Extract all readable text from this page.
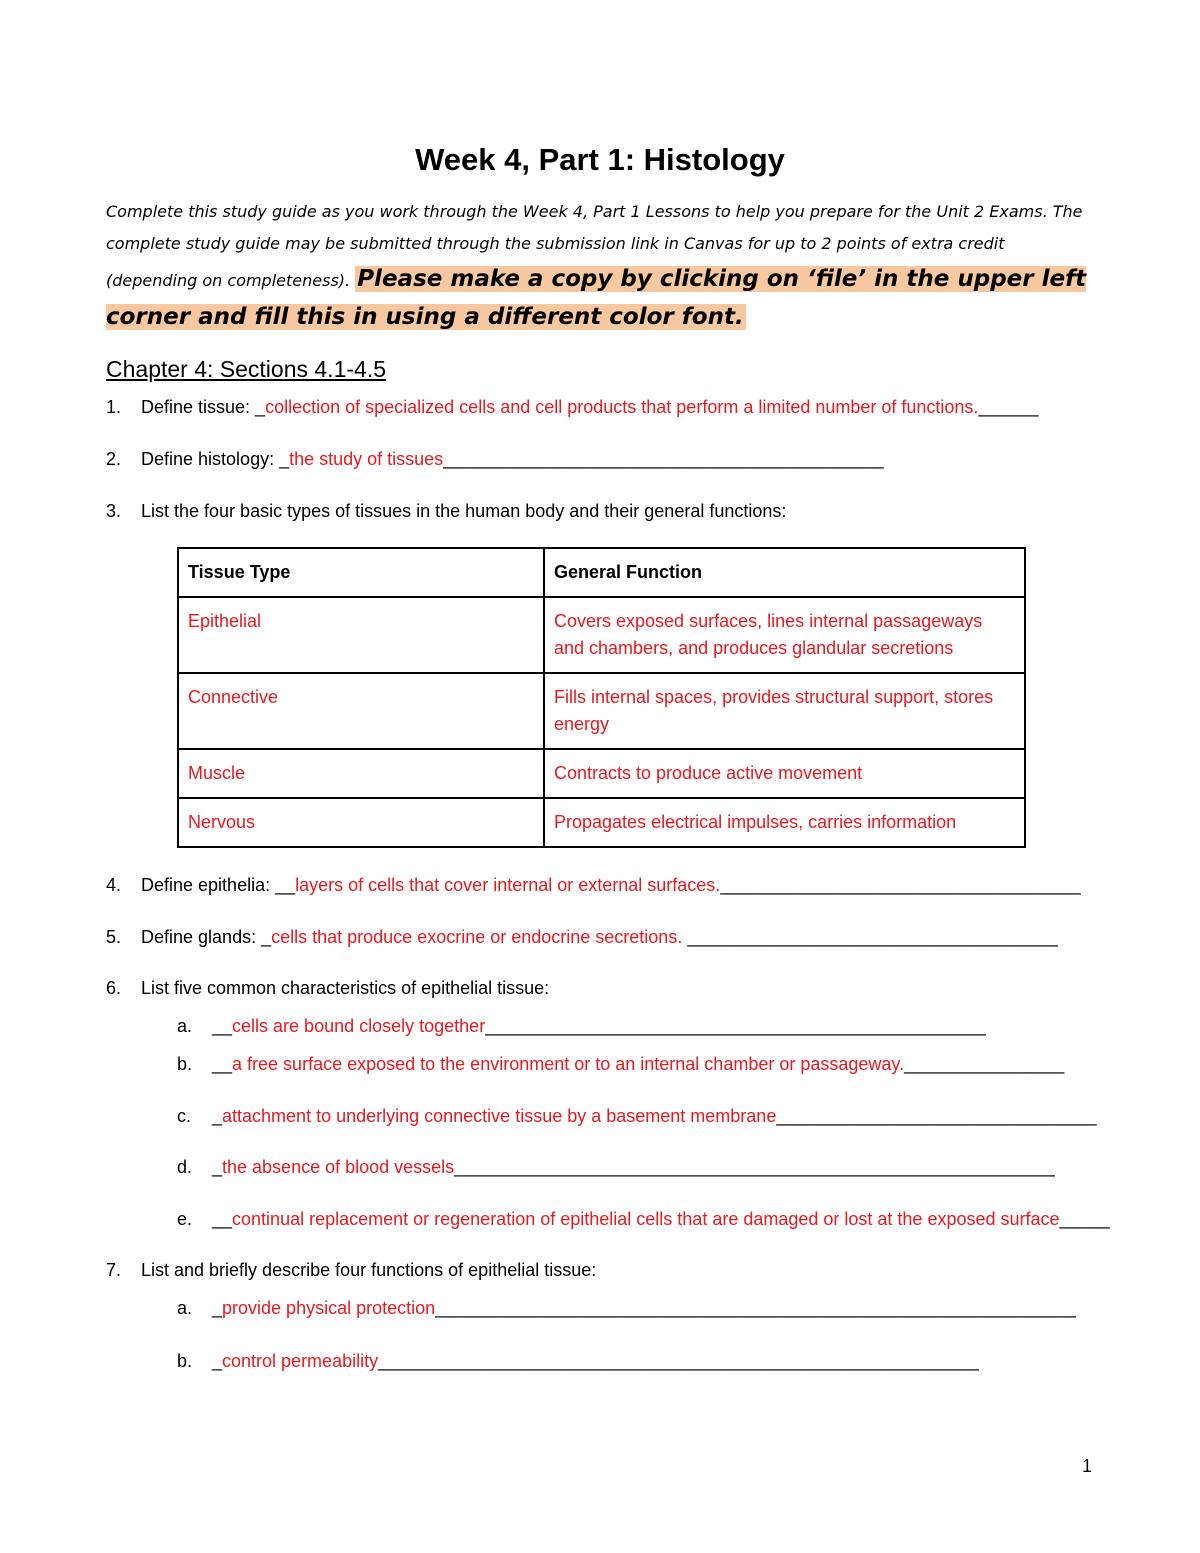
Week 4, Part 1: Histology
Complete this study guide as you work through the Week 4, Part 1 Lessons to help you prepare for the Unit 2 Exams. The complete study guide may be submitted through the submission link in Canvas for up to 2 points of extra credit (depending on completeness). Please make a copy by clicking on ‘file’ in the upper left corner and fill this in using a different color font.
Chapter 4: Sections 4.1-4.5
1. Define tissue: _collection of specialized cells and cell products that perform a limited number of functions.______
2. Define histology: _the study of tissues____________________________________________
3. List the four basic types of tissues in the human body and their general functions:
Tissue Type	General Function
Epithelial	Covers exposed surfaces, lines internal passageways and chambers, and produces glandular secretions
Connective	Fills internal spaces, provides structural support, stores energy
Muscle	Contracts to produce active movement
Nervous	Propagates electrical impulses, carries information
4. Define epithelia: __layers of cells that cover internal or external surfaces.____________________________________
5. Define glands: _cells that produce exocrine or endocrine secretions. _____________________________________
6. List five common characteristics of epithelial tissue:
a. __cells are bound closely together__________________________________________________
b. __a free surface exposed to the environment or to an internal chamber or passageway.________________
c. _attachment to underlying connective tissue by a basement membrane________________________________
d. _the absence of blood vessels____________________________________________________________
e. __continual replacement or regeneration of epithelial cells that are damaged or lost at the exposed surface_____
7. List and briefly describe four functions of epithelial tissue:
a. _provide physical protection________________________________________________________________
b. _control permeability____________________________________________________________
1
